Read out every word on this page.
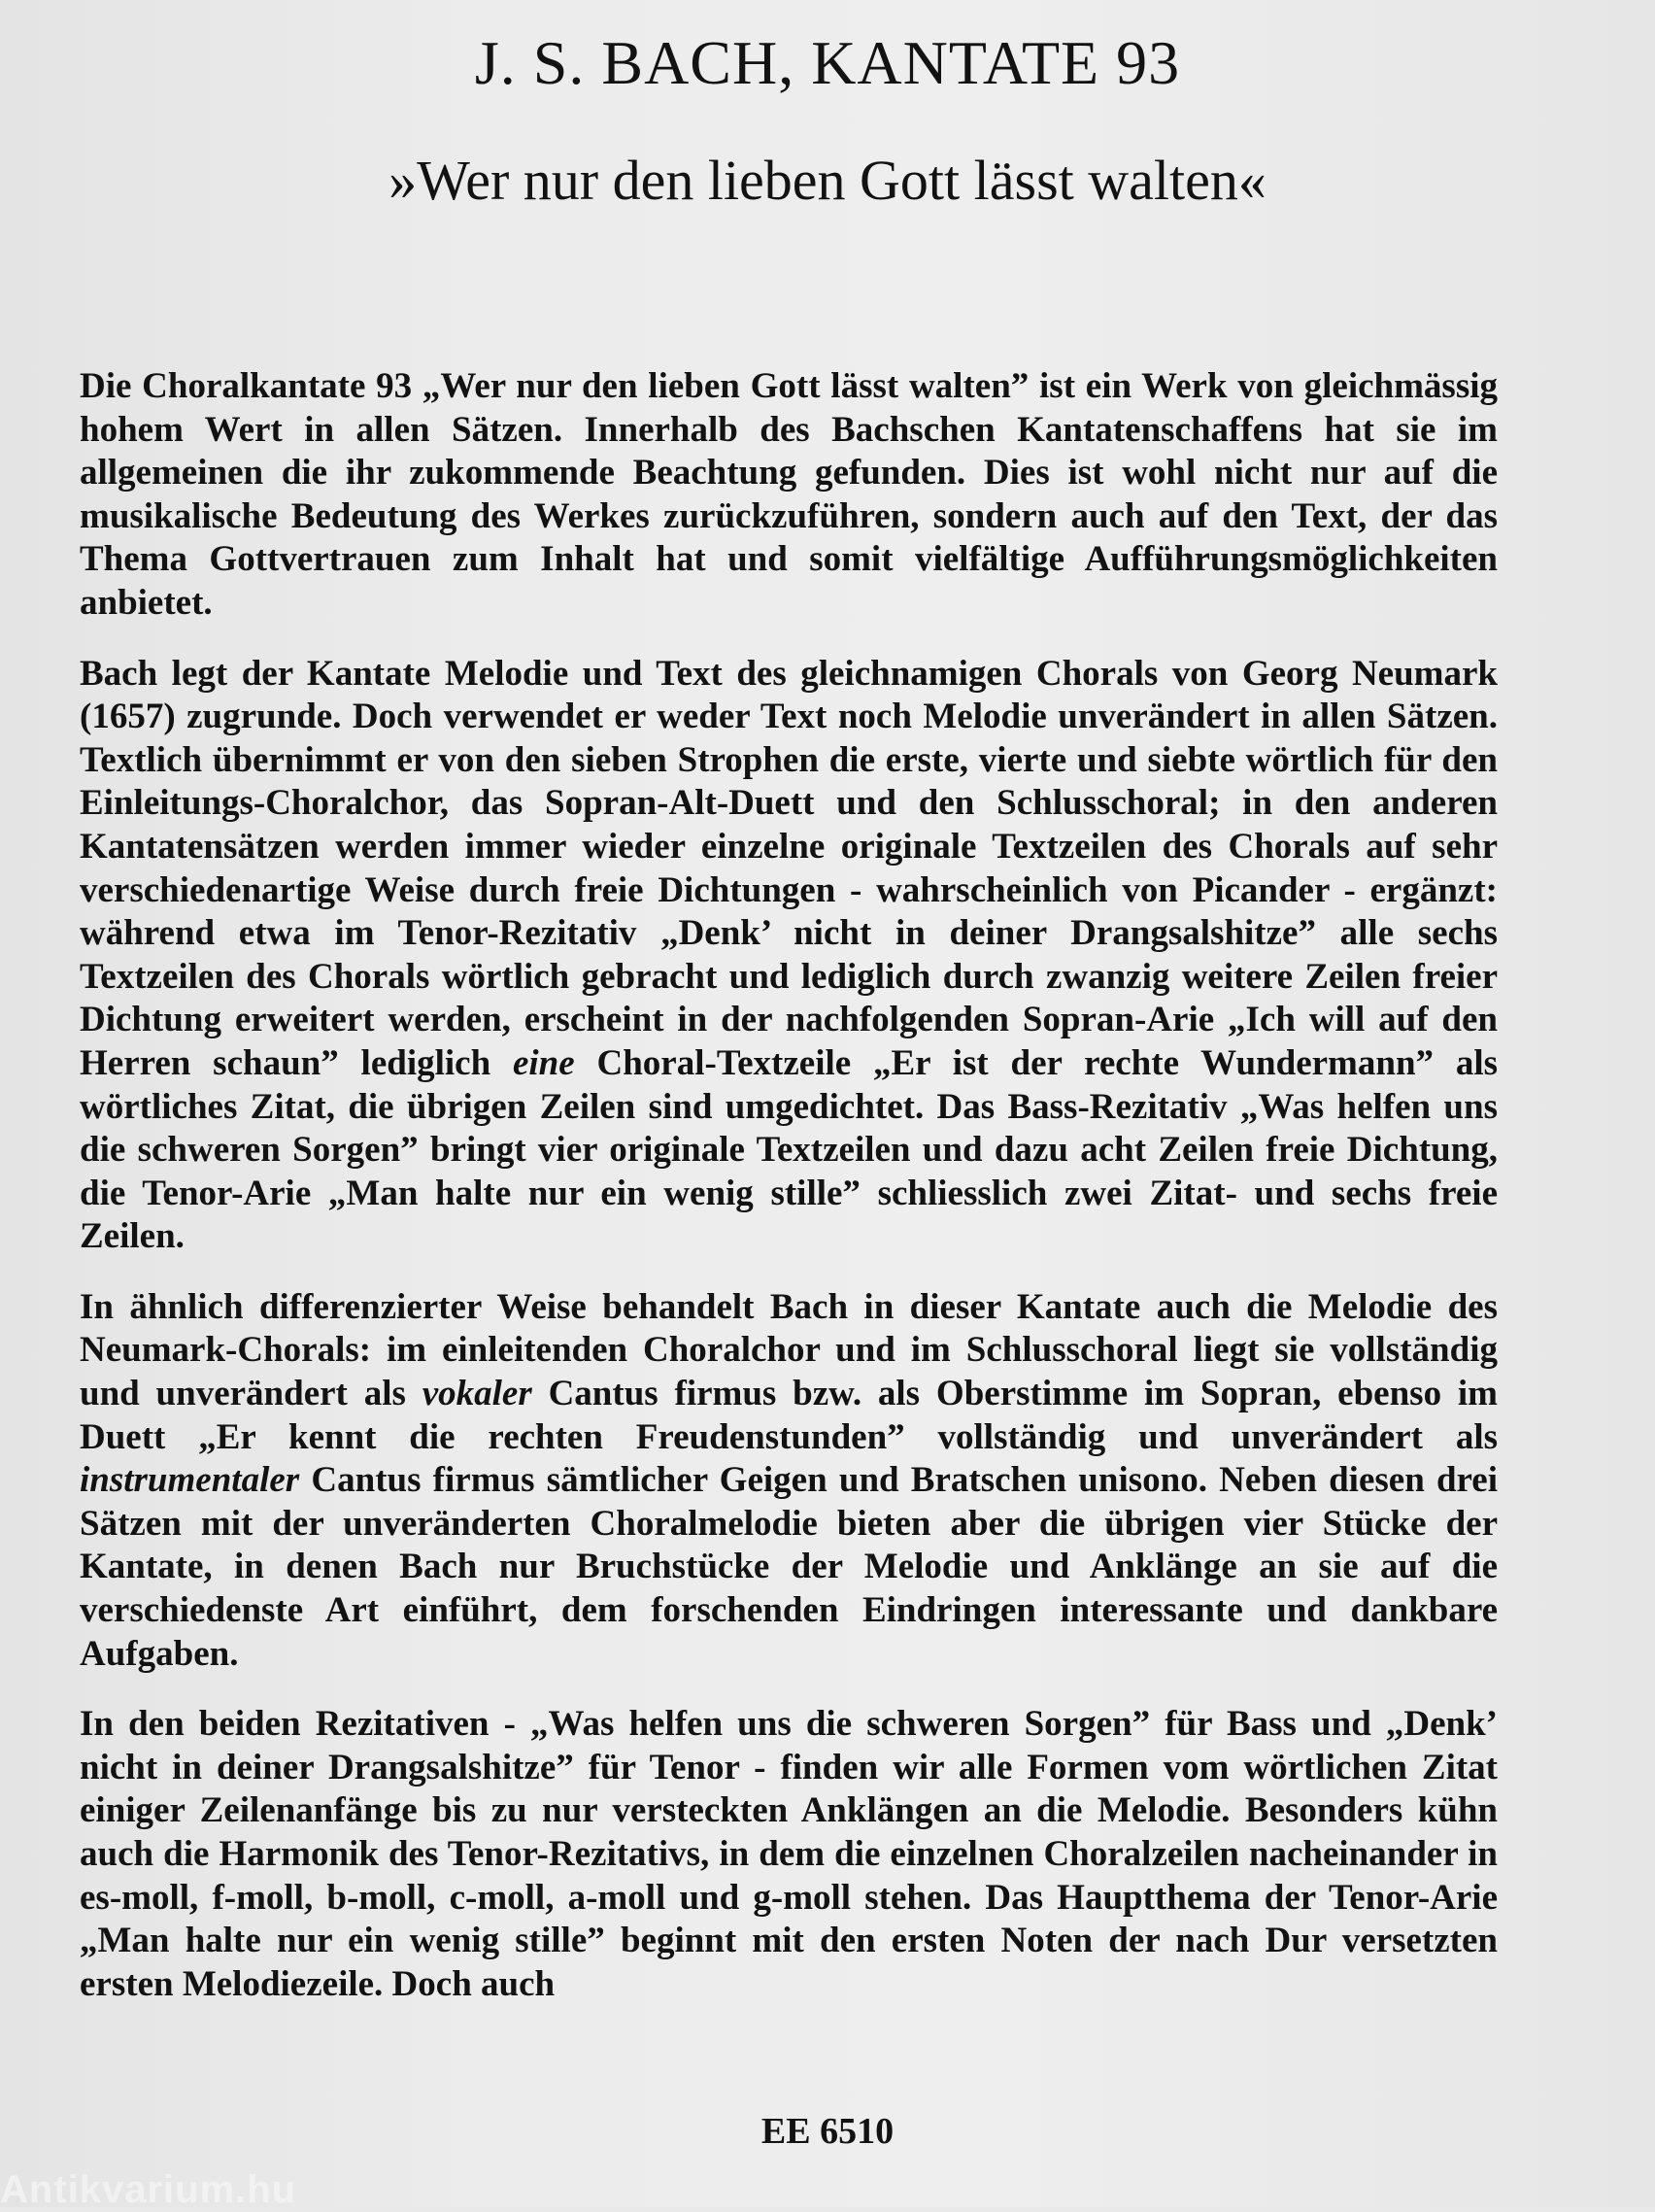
J. S. BACH, KANTATE 93
»Wer nur den lieben Gott lässt walten«

Die Choralkantate 93 „Wer nur den lieben Gott lässt walten” ist ein Werk von gleichmässig hohem Wert in allen Sätzen. Innerhalb des Bachschen Kantatenschaffens hat sie im allgemeinen die ihr zukommende Beachtung gefunden. Dies ist wohl nicht nur auf die musikalische Bedeutung des Werkes zurückzuführen, sondern auch auf den Text, der das Thema Gottvertrauen zum Inhalt hat und somit vielfältige Aufführungsmöglichkeiten anbietet.

Bach legt der Kantate Melodie und Text des gleichnamigen Chorals von Georg Neumark (1657) zugrunde. Doch verwendet er weder Text noch Melodie unverändert in allen Sätzen. Textlich übernimmt er von den sieben Strophen die erste, vierte und siebte wörtlich für den Einleitungs-Choralchor, das Sopran-Alt-Duett und den Schlusschoral; in den anderen Kantatensätzen werden immer wieder einzelne originale Textzeilen des Chorals auf sehr verschiedenartige Weise durch freie Dichtungen - wahrscheinlich von Picander - ergänzt: während etwa im Tenor-Rezitativ „Denk’ nicht in deiner Drangsalshitze” alle sechs Textzeilen des Chorals wörtlich gebracht und lediglich durch zwanzig weitere Zeilen freier Dichtung erweitert werden, erscheint in der nachfolgenden Sopran-Arie „Ich will auf den Herren schaun” lediglich eine Choral-Textzeile „Er ist der rechte Wundermann” als wörtliches Zitat, die übrigen Zeilen sind umgedichtet. Das Bass-Rezitativ „Was helfen uns die schweren Sorgen” bringt vier originale Textzeilen und dazu acht Zeilen freie Dichtung, die Tenor-Arie „Man halte nur ein wenig stille” schliesslich zwei Zitat- und sechs freie Zeilen.

In ähnlich differenzierter Weise behandelt Bach in dieser Kantate auch die Melodie des Neumark-Chorals: im einleitenden Choralchor und im Schlusschoral liegt sie vollständig und unverändert als vokaler Cantus firmus bzw. als Oberstimme im Sopran, ebenso im Duett „Er kennt die rechten Freudenstunden” vollständig und unverändert als instrumentaler Cantus firmus sämtlicher Geigen und Bratschen unisono. Neben diesen drei Sätzen mit der unveränderten Choralmelodie bieten aber die übrigen vier Stücke der Kantate, in denen Bach nur Bruchstücke der Melodie und Anklänge an sie auf die verschiedenste Art einführt, dem forschenden Eindringen interessante und dankbare Aufgaben.

In den beiden Rezitativen - „Was helfen uns die schweren Sorgen” für Bass und „Denk’ nicht in deiner Drangsalshitze” für Tenor - finden wir alle Formen vom wörtlichen Zitat einiger Zeilenanfänge bis zu nur versteckten Anklängen an die Melodie. Besonders kühn auch die Harmonik des Tenor-Rezitativs, in dem die einzelnen Choralzeilen nacheinander in es-moll, f-moll, b-moll, c-moll, a-moll und g-moll stehen. Das Hauptthema der Tenor-Arie „Man halte nur ein wenig stille” beginnt mit den ersten Noten der nach Dur versetzten ersten Melodiezeile. Doch auch

EE 6510
Antikvarium.hu
